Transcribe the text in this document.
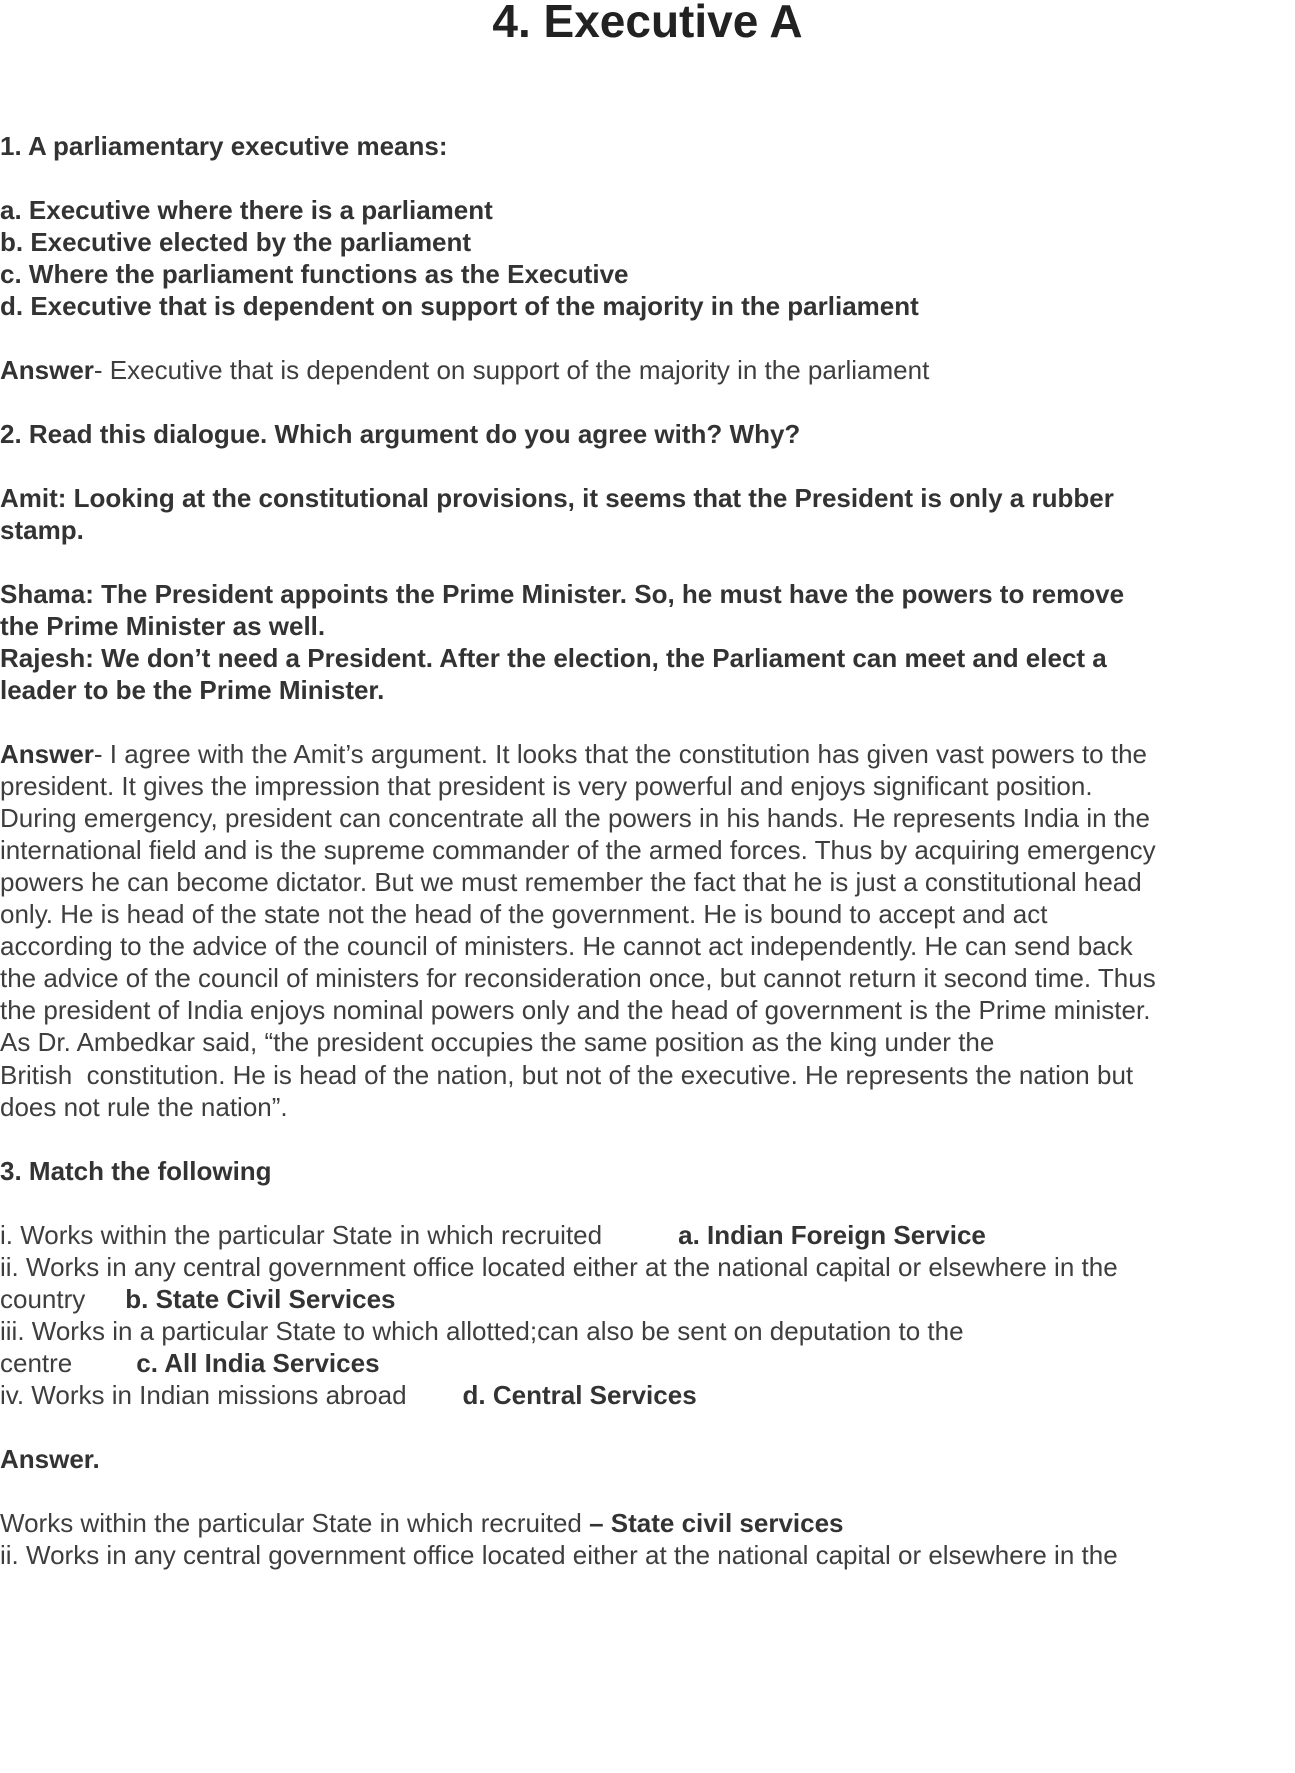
4. Executive A
1. A parliamentary executive means:
a. Executive where there is a parliament
b. Executive elected by the parliament
c. Where the parliament functions as the Executive
d. Executive that is dependent on support of the majority in the parliament
Answer- Executive that is dependent on support of the majority in the parliament
2. Read this dialogue. Which argument do you agree with? Why?
Amit: Looking at the constitutional provisions, it seems that the President is only a rubber
stamp.
Shama: The President appoints the Prime Minister. So, he must have the powers to remove
the Prime Minister as well.
Rajesh: We don’t need a President. After the election, the Parliament can meet and elect a
leader to be the Prime Minister.
Answer- I agree with the Amit’s argument. It looks that the constitution has given vast powers to the
president. It gives the impression that president is very powerful and enjoys significant position.
During emergency, president can concentrate all the powers in his hands. He represents India in the
international field and is the supreme commander of the armed forces. Thus by acquiring emergency
powers he can become dictator. But we must remember the fact that he is just a constitutional head
only. He is head of the state not the head of the government. He is bound to accept and act
according to the advice of the council of ministers. He cannot act independently. He can send back
the advice of the council of ministers for reconsideration once, but cannot return it second time. Thus
the president of India enjoys nominal powers only and the head of government is the Prime minister.
As Dr. Ambedkar said, “the president occupies the same position as the king under the
British  constitution. He is head of the nation, but not of the executive. He represents the nation but
does not rule the nation”.
3. Match the following
i. Works within the particular State in which recruited	a. Indian Foreign Service
ii. Works in any central government office located either at the national capital or elsewhere in the
country b. State Civil Services
iii. Works in a particular State to which allotted;can also be sent on deputation to the
centre c. All India Services
iv. Works in Indian missions abroad d. Central Services
Answer.
Works within the particular State in which recruited – State civil services
ii. Works in any central government office located either at the national capital or elsewhere in the
